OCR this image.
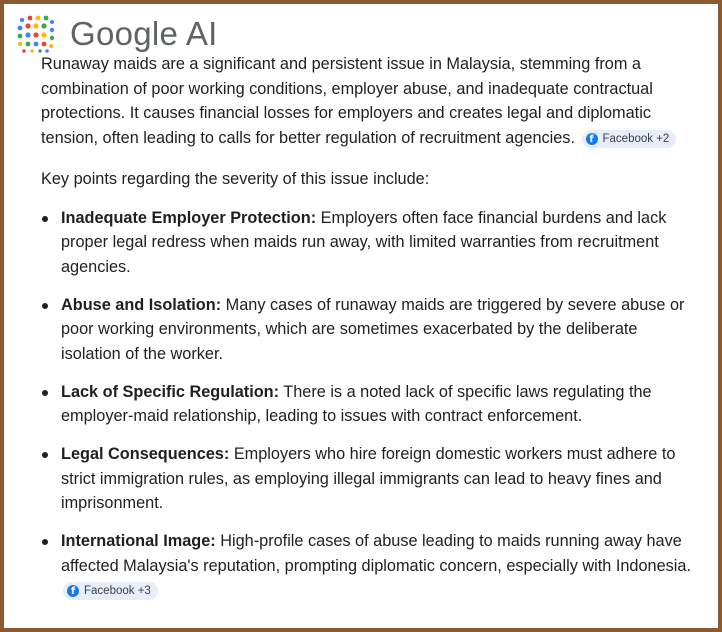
Google AI

Runaway maids are a significant and persistent issue in Malaysia, stemming from a combination of poor working conditions, employer abuse, and inadequate contractual protections. It causes financial losses for employers and creates legal and diplomatic tension, often leading to calls for better regulation of recruitment agencies.	f Facebook +2

Key points regarding the severity of this issue include:

Inadequate Employer Protection: Employers often face financial burdens and lack proper legal redress when maids run away, with limited warranties from recruitment agencies.
Abuse and Isolation: Many cases of runaway maids are triggered by severe abuse or poor working environments, which are sometimes exacerbated by the deliberate isolation of the worker.
Lack of Specific Regulation: There is a noted lack of specific laws regulating the employer-maid relationship, leading to issues with contract enforcement.
Legal Consequences: Employers who hire foreign domestic workers must adhere to strict immigration rules, as employing illegal immigrants can lead to heavy fines and imprisonment.
International Image: High-profile cases of abuse leading to maids running away have affected Malaysia's reputation, prompting diplomatic concern, especially with Indonesia.
f Facebook +3
